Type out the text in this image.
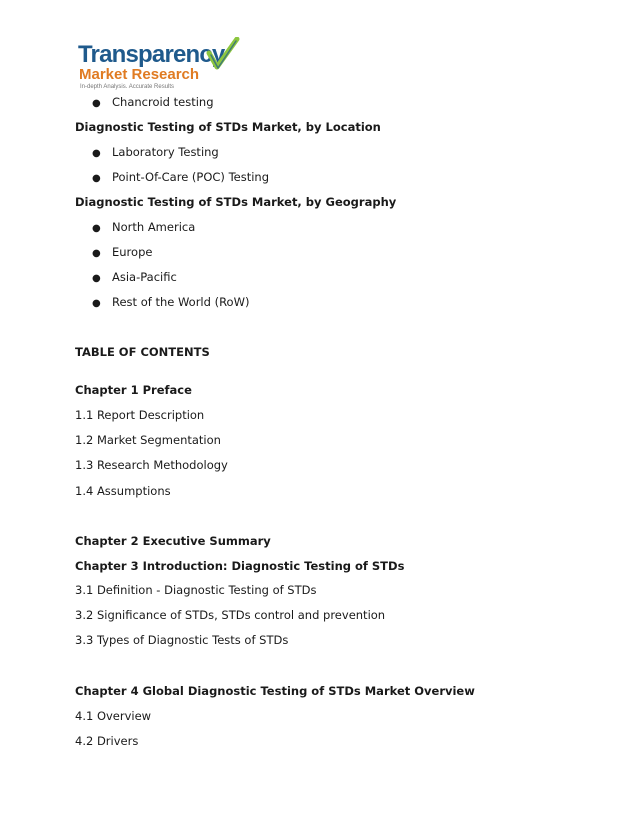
Transparency
Market Research
In-depth Analysis. Accurate Results
● Chancroid testing
Diagnostic Testing of STDs Market, by Location
● Laboratory Testing
● Point-Of-Care (POC) Testing
Diagnostic Testing of STDs Market, by Geography
● North America
● Europe
● Asia-Pacific
● Rest of the World (RoW)
TABLE OF CONTENTS
Chapter 1 Preface
1.1 Report Description
1.2 Market Segmentation
1.3 Research Methodology
1.4 Assumptions
Chapter 2 Executive Summary
Chapter 3 Introduction: Diagnostic Testing of STDs
3.1 Definition - Diagnostic Testing of STDs
3.2 Significance of STDs, STDs control and prevention
3.3 Types of Diagnostic Tests of STDs
Chapter 4 Global Diagnostic Testing of STDs Market Overview
4.1 Overview
4.2 Drivers
